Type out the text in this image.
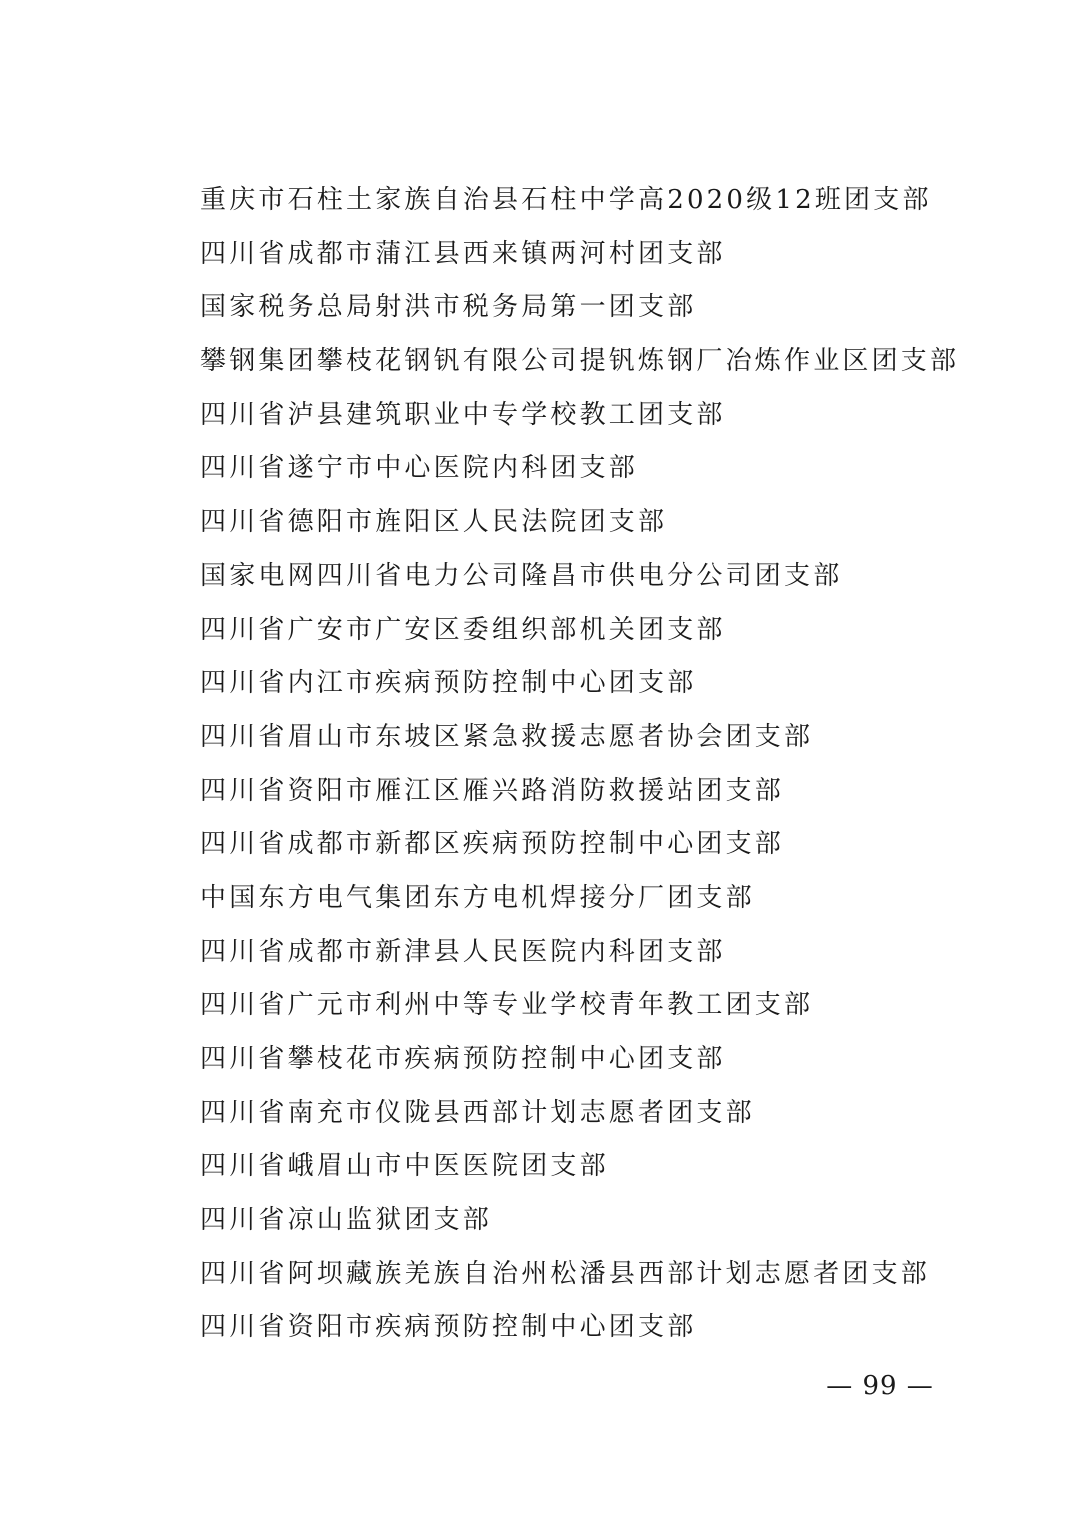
重庆市石柱土家族自治县石柱中学高2020级12班团支部
四川省成都市蒲江县西来镇两河村团支部
国家税务总局射洪市税务局第一团支部
攀钢集团攀枝花钢钒有限公司提钒炼钢厂冶炼作业区团支部
四川省泸县建筑职业中专学校教工团支部
四川省遂宁市中心医院内科团支部
四川省德阳市旌阳区人民法院团支部
国家电网四川省电力公司隆昌市供电分公司团支部
四川省广安市广安区委组织部机关团支部
四川省内江市疾病预防控制中心团支部
四川省眉山市东坡区紧急救援志愿者协会团支部
四川省资阳市雁江区雁兴路消防救援站团支部
四川省成都市新都区疾病预防控制中心团支部
中国东方电气集团东方电机焊接分厂团支部
四川省成都市新津县人民医院内科团支部
四川省广元市利州中等专业学校青年教工团支部
四川省攀枝花市疾病预防控制中心团支部
四川省南充市仪陇县西部计划志愿者团支部
四川省峨眉山市中医医院团支部
四川省凉山监狱团支部
四川省阿坝藏族羌族自治州松潘县西部计划志愿者团支部
四川省资阳市疾病预防控制中心团支部
— 99 —
